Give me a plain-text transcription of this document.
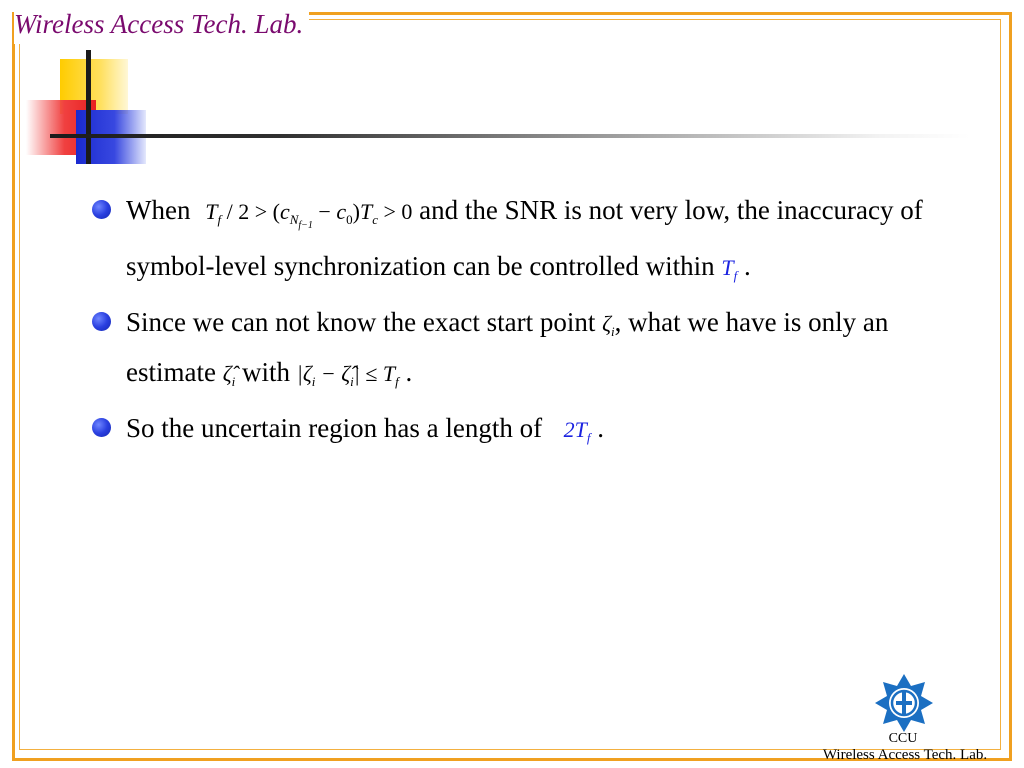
Wireless Access Tech. Lab.
When $T_f / 2 > (c_{N_{f-1}} - c_0)T_c > 0$ and the SNR is not very low, the inaccuracy of symbol-level synchronization can be controlled within $T_f$ .
Since we can not know the exact start point $\zeta_i$, what we have is only an estimate $\zetâ_i$ with $|\zeta_i$ − $\zetâ_i| \le T_f$ .
So the uncertain region has a length of  $2T_f$ .
CCU
Wireless Access Tech. Lab.
